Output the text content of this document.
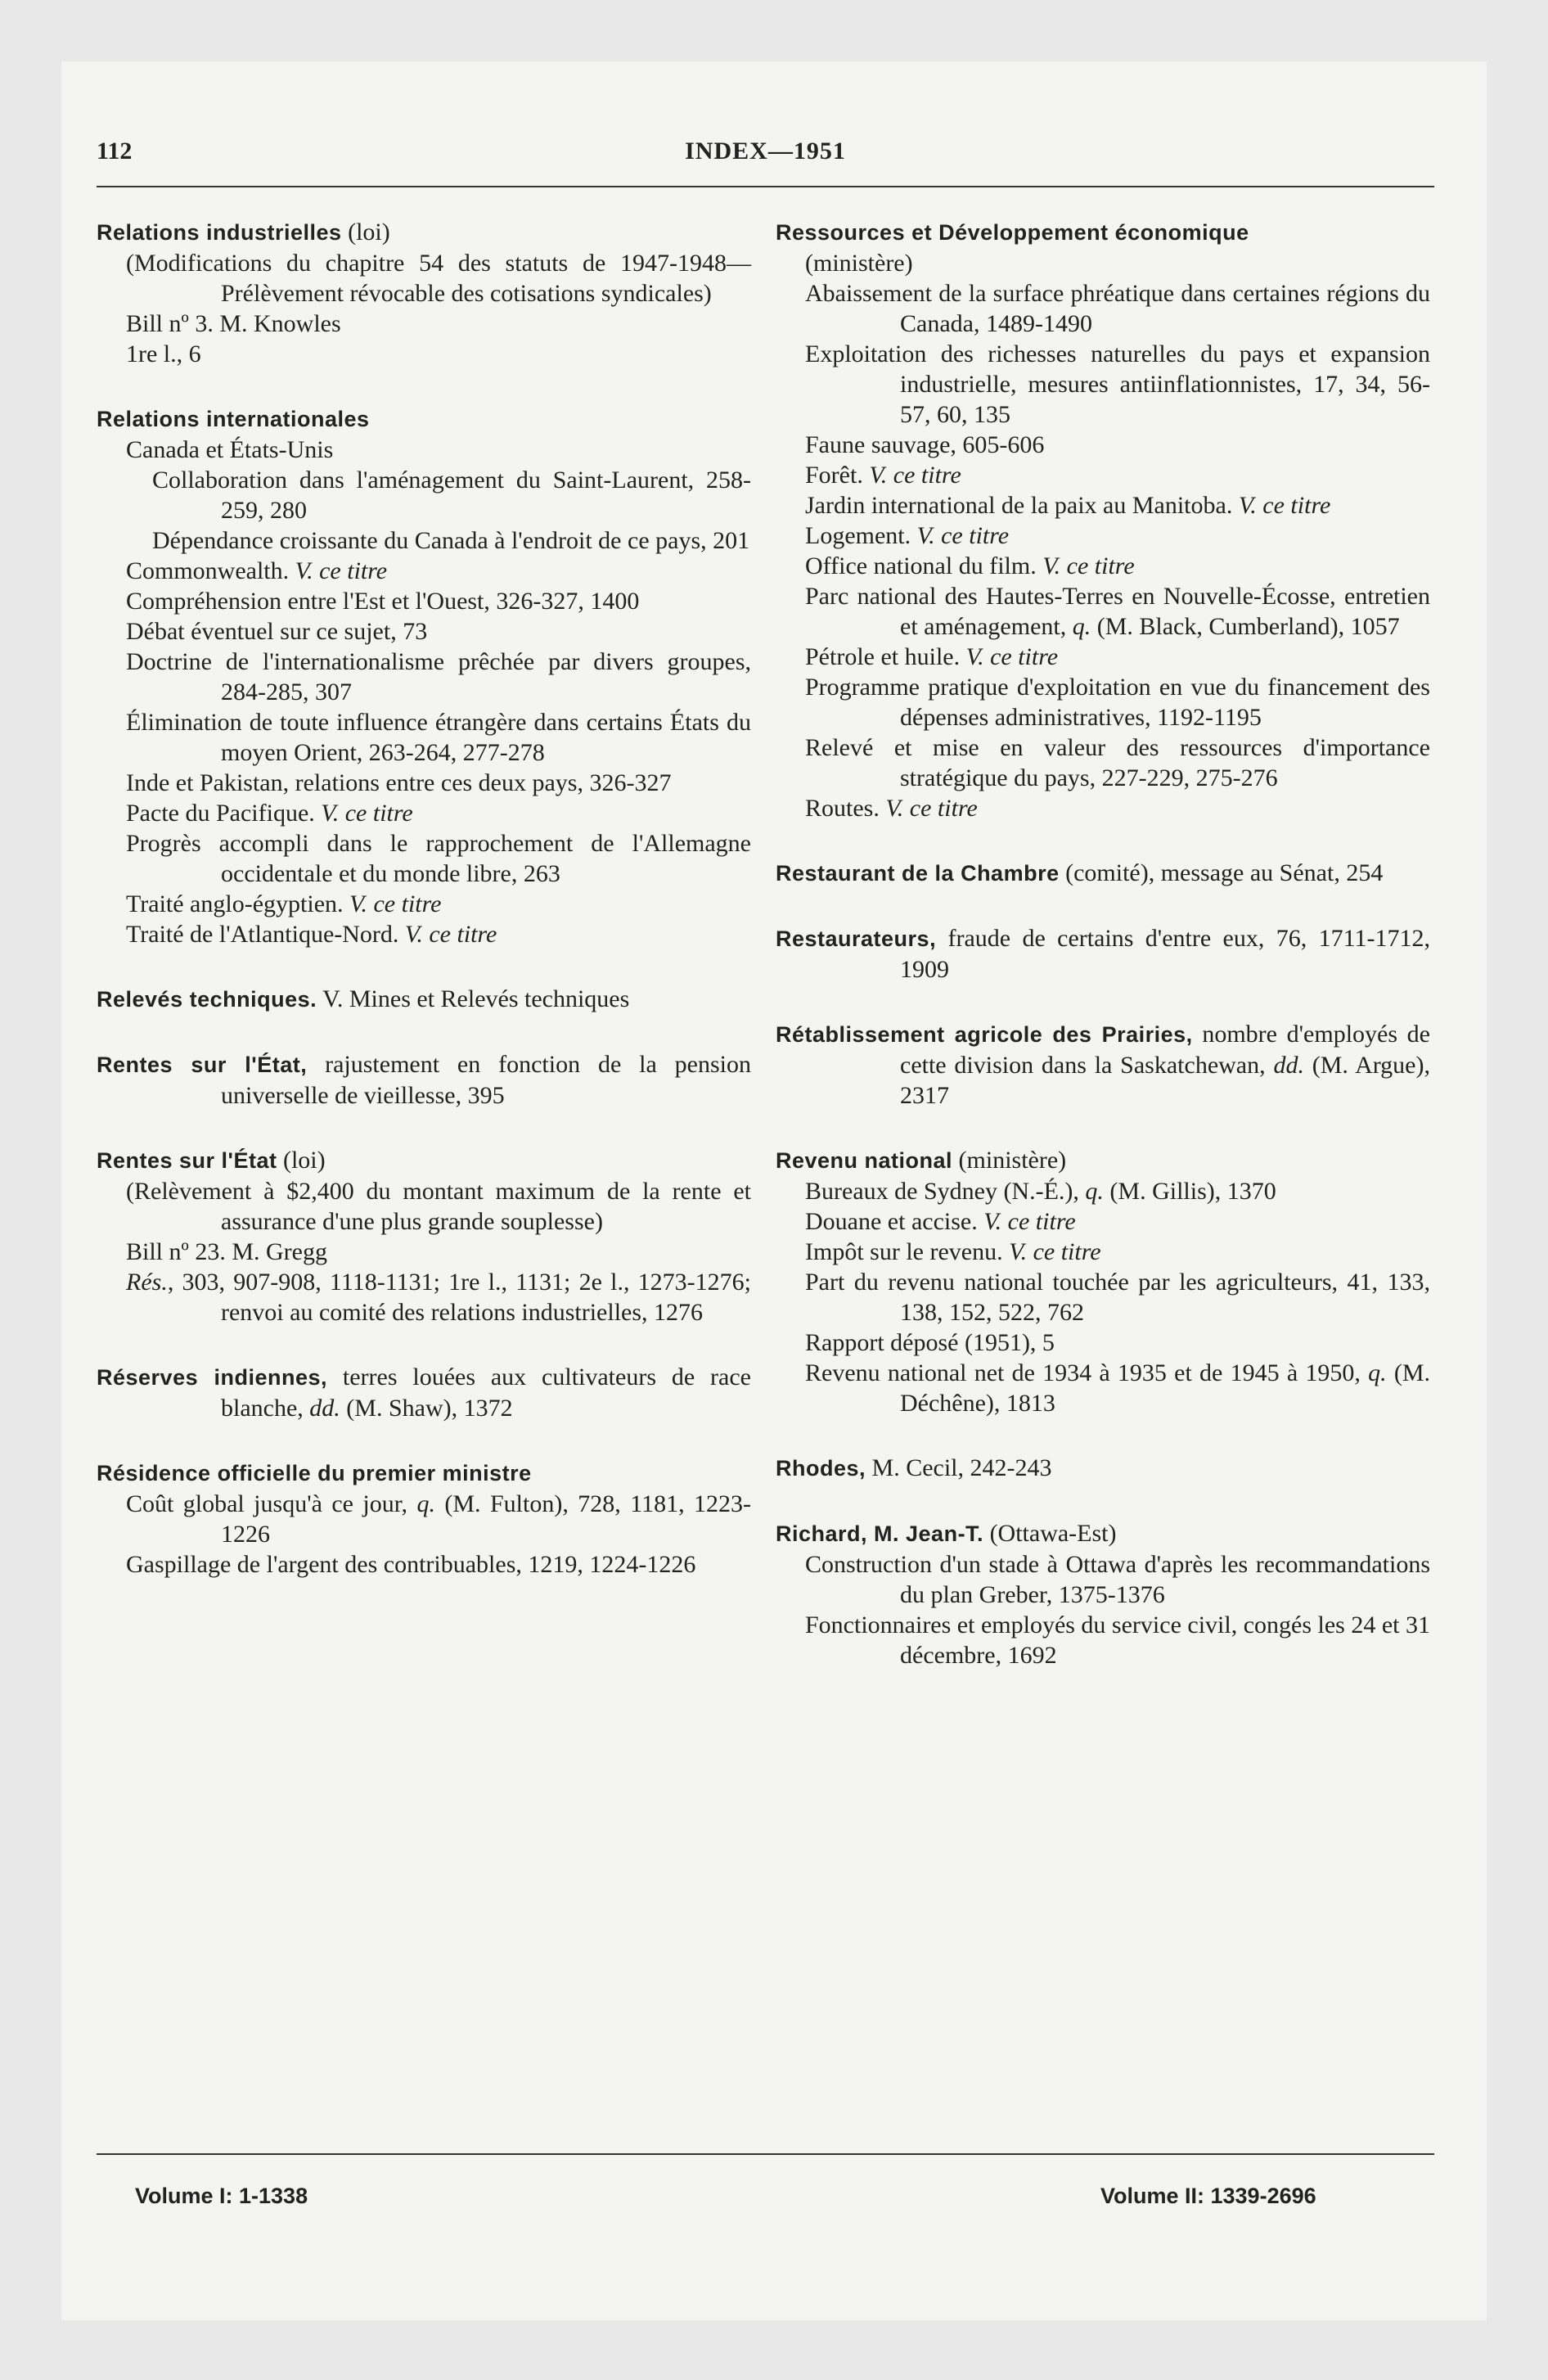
112	INDEX—1951
Relations industrielles (loi)
(Modifications du chapitre 54 des statuts de 1947-1948—Prélèvement révocable des cotisations syndicales)
Bill nº 3. M. Knowles
1re l., 6
Relations internationales
Canada et États-Unis
Collaboration dans l'aménagement du Saint-Laurent, 258-259, 280
Dépendance croissante du Canada à l'endroit de ce pays, 201
Commonwealth. V. ce titre
Compréhension entre l'Est et l'Ouest, 326-327, 1400
Débat éventuel sur ce sujet, 73
Doctrine de l'internationalisme prêchée par divers groupes, 284-285, 307
Élimination de toute influence étrangère dans certains États du moyen Orient, 263-264, 277-278
Inde et Pakistan, relations entre ces deux pays, 326-327
Pacte du Pacifique. V. ce titre
Progrès accompli dans le rapprochement de l'Allemagne occidentale et du monde libre, 263
Traité anglo-égyptien. V. ce titre
Traité de l'Atlantique-Nord. V. ce titre
Relevés techniques. V. Mines et Relevés techniques
Rentes sur l'État, rajustement en fonction de la pension universelle de vieillesse, 395
Rentes sur l'État (loi)
(Relèvement à $2,400 du montant maximum de la rente et assurance d'une plus grande souplesse)
Bill nº 23. M. Gregg
Rés., 303, 907-908, 1118-1131; 1re l., 1131; 2e l., 1273-1276; renvoi au comité des relations industrielles, 1276
Réserves indiennes, terres louées aux cultivateurs de race blanche, dd. (M. Shaw), 1372
Résidence officielle du premier ministre
Coût global jusqu'à ce jour, q. (M. Fulton), 728, 1181, 1223-1226
Gaspillage de l'argent des contribuables, 1219, 1224-1226
Ressources et Développement économique
(ministère)
Abaissement de la surface phréatique dans certaines régions du Canada, 1489-1490
Exploitation des richesses naturelles du pays et expansion industrielle, mesures antiinflationnistes, 17, 34, 56-57, 60, 135
Faune sauvage, 605-606
Forêt. V. ce titre
Jardin international de la paix au Manitoba. V. ce titre
Logement. V. ce titre
Office national du film. V. ce titre
Parc national des Hautes-Terres en Nouvelle-Écosse, entretien et aménagement, q. (M. Black, Cumberland), 1057
Pétrole et huile. V. ce titre
Programme pratique d'exploitation en vue du financement des dépenses administratives, 1192-1195
Relevé et mise en valeur des ressources d'importance stratégique du pays, 227-229, 275-276
Routes. V. ce titre
Restaurant de la Chambre (comité), message au Sénat, 254
Restaurateurs, fraude de certains d'entre eux, 76, 1711-1712, 1909
Rétablissement agricole des Prairies, nombre d'employés de cette division dans la Saskatchewan, dd. (M. Argue), 2317
Revenu national (ministère)
Bureaux de Sydney (N.-É.), q. (M. Gillis), 1370
Douane et accise. V. ce titre
Impôt sur le revenu. V. ce titre
Part du revenu national touchée par les agriculteurs, 41, 133, 138, 152, 522, 762
Rapport déposé (1951), 5
Revenu national net de 1934 à 1935 et de 1945 à 1950, q. (M. Déchêne), 1813
Rhodes, M. Cecil, 242-243
Richard, M. Jean-T. (Ottawa-Est)
Construction d'un stade à Ottawa d'après les recommandations du plan Greber, 1375-1376
Fonctionnaires et employés du service civil, congés les 24 et 31 décembre, 1692
Volume I: 1-1338	Volume II: 1339-2696
